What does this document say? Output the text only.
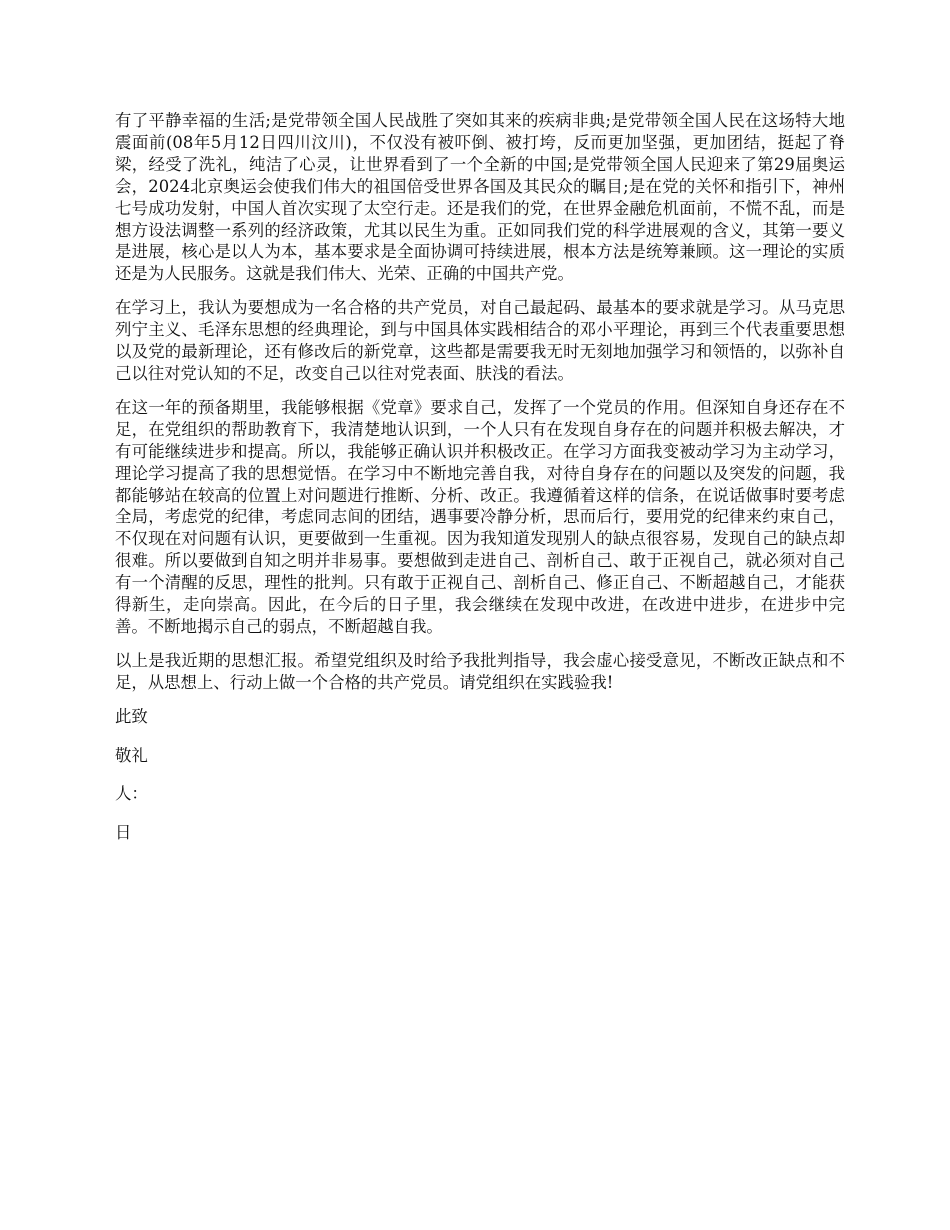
有了平静幸福的生活;是党带领全国人民战胜了突如其来的疾病非典;是党带领全国人民在这场特大地震面前(08年5月12日四川汶川)，不仅没有被吓倒、被打垮，反而更加坚强，更加团结，挺起了脊梁，经受了洗礼，纯洁了心灵，让世界看到了一个全新的中国;是党带领全国人民迎来了第29届奥运会，2024北京奥运会使我们伟大的祖国倍受世界各国及其民众的瞩目;是在党的关怀和指引下，神州七号成功发射，中国人首次实现了太空行走。还是我们的党，在世界金融危机面前，不慌不乱，而是想方设法调整一系列的经济政策，尤其以民生为重。正如同我们党的科学进展观的含义，其第一要义是进展，核心是以人为本，基本要求是全面协调可持续进展，根本方法是统筹兼顾。这一理论的实质还是为人民服务。这就是我们伟大、光荣、正确的中国共产党。

在学习上，我认为要想成为一名合格的共产党员，对自己最起码、最基本的要求就是学习。从马克思列宁主义、毛泽东思想的经典理论，到与中国具体实践相结合的邓小平理论，再到三个代表重要思想以及党的最新理论，还有修改后的新党章，这些都是需要我无时无刻地加强学习和领悟的，以弥补自己以往对党认知的不足，改变自己以往对党表面、肤浅的看法。

在这一年的预备期里，我能够根据《党章》要求自己，发挥了一个党员的作用。但深知自身还存在不足，在党组织的帮助教育下，我清楚地认识到，一个人只有在发现自身存在的问题并积极去解决，才有可能继续进步和提高。所以，我能够正确认识并积极改正。在学习方面我变被动学习为主动学习，理论学习提高了我的思想觉悟。在学习中不断地完善自我，对待自身存在的问题以及突发的问题，我都能够站在较高的位置上对问题进行推断、分析、改正。我遵循着这样的信条，在说话做事时要考虑全局，考虑党的纪律，考虑同志间的团结，遇事要冷静分析，思而后行，要用党的纪律来约束自己，不仅现在对问题有认识，更要做到一生重视。因为我知道发现别人的缺点很容易，发现自己的缺点却很难。所以要做到自知之明并非易事。要想做到走进自己、剖析自己、敢于正视自己，就必须对自己有一个清醒的反思，理性的批判。只有敢于正视自己、剖析自己、修正自己、不断超越自己，才能获得新生，走向崇高。因此，在今后的日子里，我会继续在发现中改进，在改进中进步，在进步中完善。不断地揭示自己的弱点，不断超越自我。

以上是我近期的思想汇报。希望党组织及时给予我批判指导，我会虚心接受意见，不断改正缺点和不足，从思想上、行动上做一个合格的共产党员。请党组织在实践验我!

此致

敬礼

人：

日
